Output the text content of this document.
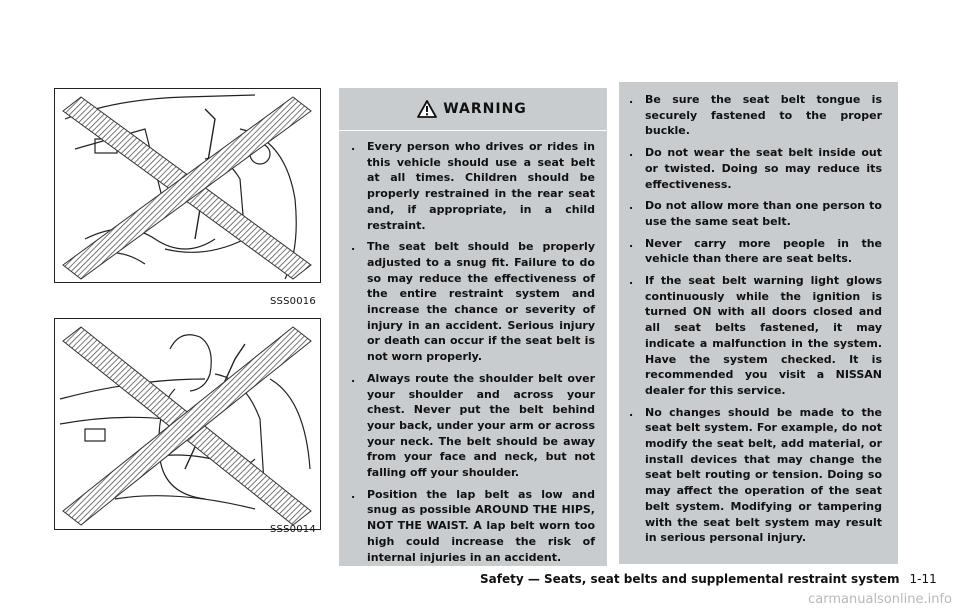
SSS0016
SSS0014
WARNING
. Every person who drives or rides in this vehicle should use a seat belt at all times. Children should be properly restrained in the rear seat and, if appropriate, in a child restraint.
. The seat belt should be properly adjusted to a snug fit. Failure to do so may reduce the effectiveness of the entire restraint system and increase the chance or severity of injury in an accident. Serious injury or death can occur if the seat belt is not worn properly.
. Always route the shoulder belt over your shoulder and across your chest. Never put the belt behind your back, under your arm or across your neck. The belt should be away from your face and neck, but not falling off your shoulder.
. Position the lap belt as low and snug as possible AROUND THE HIPS, NOT THE WAIST. A lap belt worn too high could increase the risk of internal injuries in an accident.
. Be sure the seat belt tongue is securely fastened to the proper buckle.
. Do not wear the seat belt inside out or twisted. Doing so may reduce its effectiveness.
. Do not allow more than one person to use the same seat belt.
. Never carry more people in the vehicle than there are seat belts.
. If the seat belt warning light glows continuously while the ignition is turned ON with all doors closed and all seat belts fastened, it may indicate a malfunction in the system. Have the system checked. It is recommended you visit a NISSAN dealer for this service.
. No changes should be made to the seat belt system. For example, do not modify the seat belt, add material, or install devices that may change the seat belt routing or tension. Doing so may affect the operation of the seat belt system. Modifying or tampering with the seat belt system may result in serious personal injury.
Safety — Seats, seat belts and supplemental restraint system 1-11
carmanualsonline.info
